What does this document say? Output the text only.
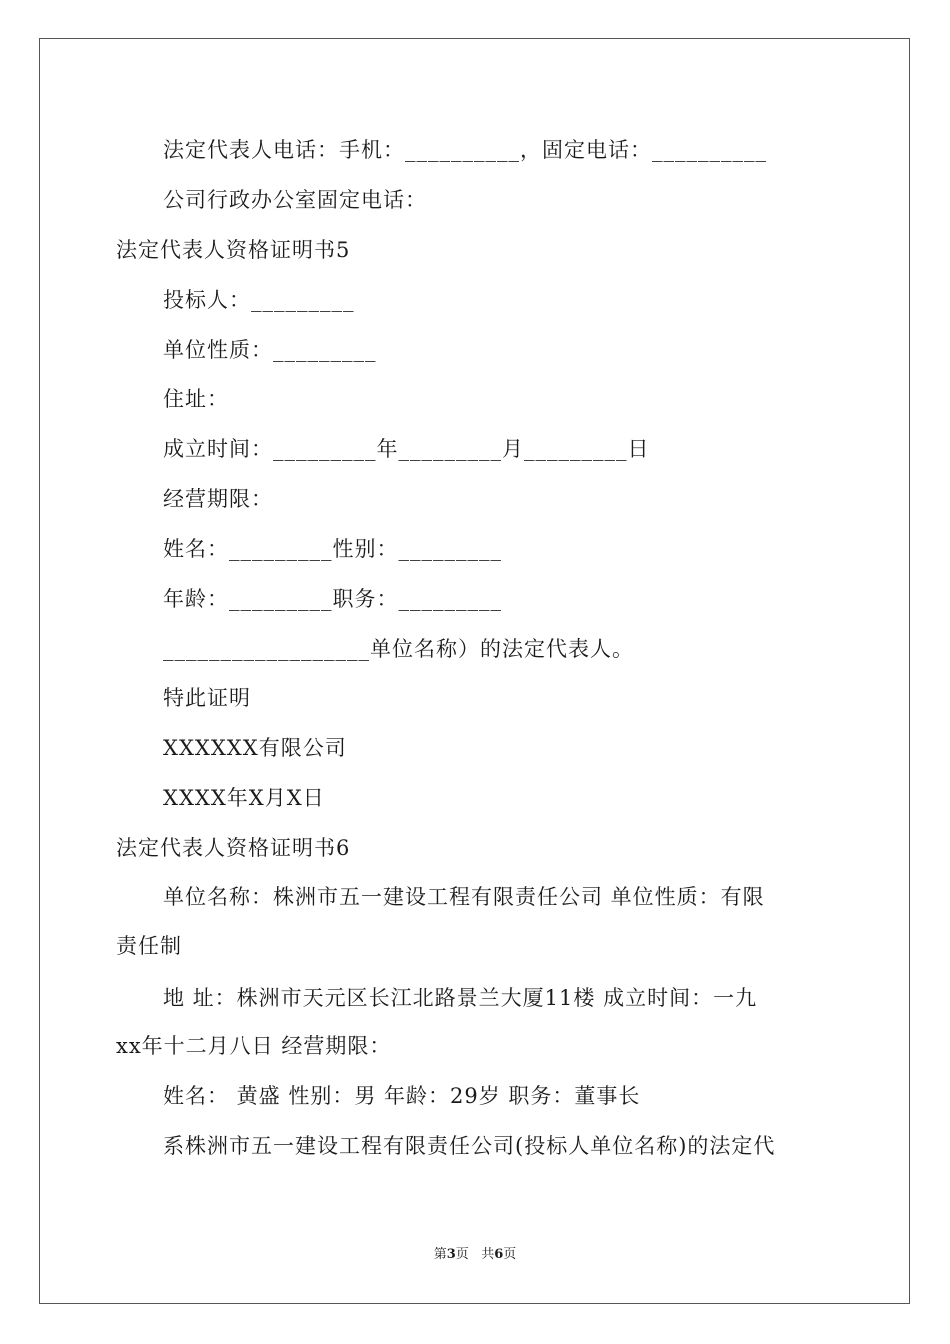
法定代表人电话：手机：__________，固定电话：__________
公司行政办公室固定电话：
法定代表人资格证明书5
投标人：_________
单位性质：_________
住址：
成立时间：_________年_________月_________日
经营期限：
姓名：_________性别：_________
年龄：_________职务：_________
__________________单位名称）的法定代表人。
特此证明
XXXXXX有限公司
XXXX年X月X日
法定代表人资格证明书6
单位名称：株洲市五一建设工程有限责任公司 单位性质：有限
责任制
地 址：株洲市天元区长江北路景兰大厦11楼 成立时间：一九
xx年十二月八日 经营期限：
姓名： 黄盛 性别：男 年龄：29岁 职务：董事长
系株洲市五一建设工程有限责任公司(投标人单位名称)的法定代
第3页 共6页
